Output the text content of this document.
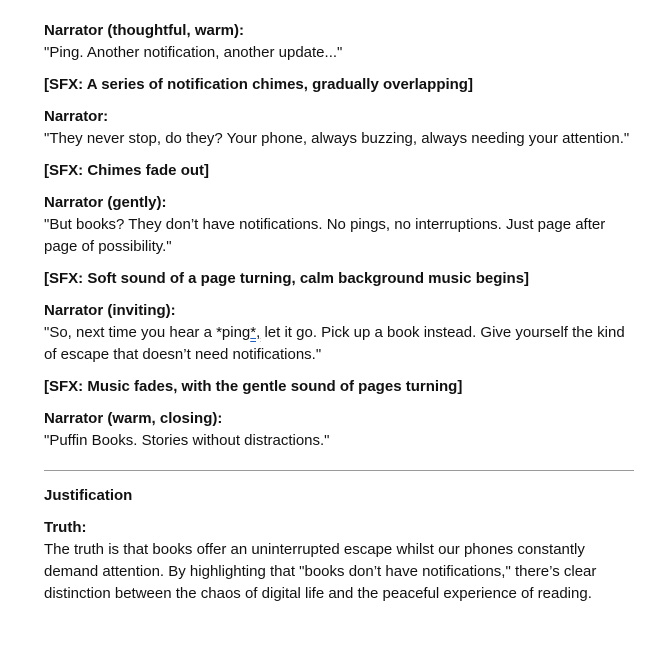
Narrator (thoughtful, warm):

"Ping. Another notification, another update..."

[SFX: A series of notification chimes, gradually overlapping]

Narrator:

"They never stop, do they? Your phone, always buzzing, always needing your attention."

[SFX: Chimes fade out]

Narrator (gently):

"But books? They don’t have notifications. No pings, no interruptions. Just page after page of possibility."

[SFX: Soft sound of a page turning, calm background music begins]

Narrator (inviting):

"So, next time you hear a *ping*, let it go. Pick up a book instead. Give yourself the kind of escape that doesn’t need notifications."

[SFX: Music fades, with the gentle sound of pages turning]

Narrator (warm, closing):

"Puffin Books. Stories without distractions."

Justification

Truth:

The truth is that books offer an uninterrupted escape whilst our phones constantly demand attention. By highlighting that "books don’t have notifications," there’s clear distinction between the chaos of digital life and the peaceful experience of reading.
